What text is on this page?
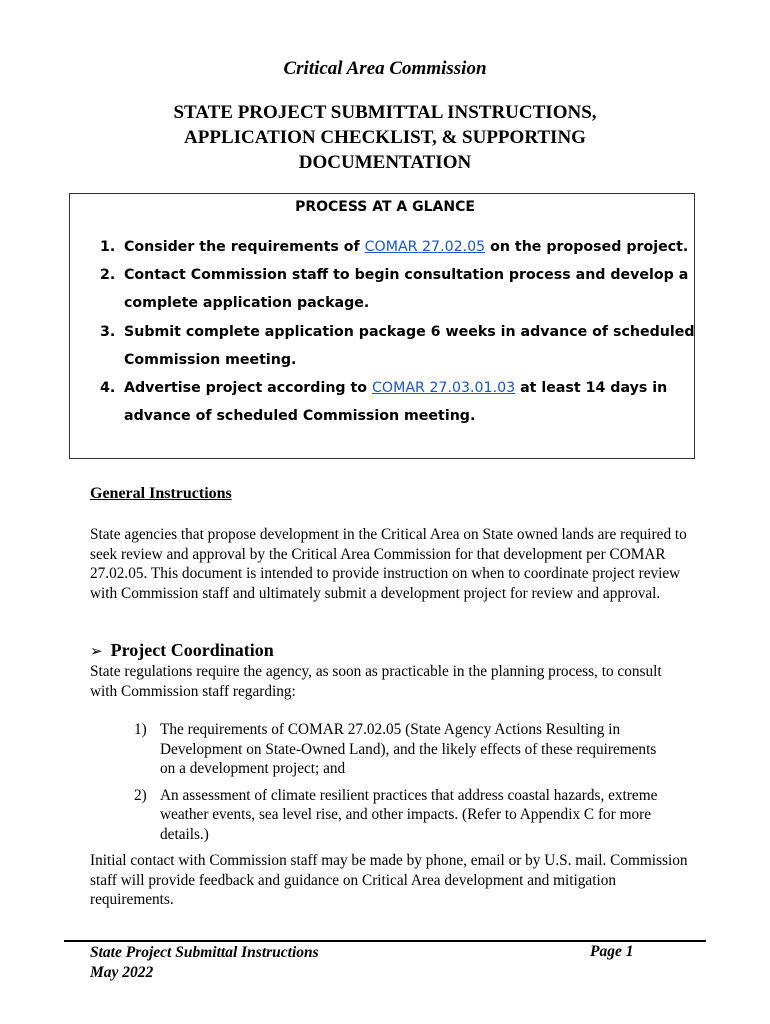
Critical Area Commission
STATE PROJECT SUBMITTAL INSTRUCTIONS,
APPLICATION CHECKLIST, & SUPPORTING
DOCUMENTATION
PROCESS AT A GLANCE
1. Consider the requirements of COMAR 27.02.05 on the proposed project.
2. Contact Commission staff to begin consultation process and develop a complete application package.
3. Submit complete application package 6 weeks in advance of scheduled Commission meeting.
4. Advertise project according to COMAR 27.03.01.03 at least 14 days in advance of scheduled Commission meeting.
General Instructions
State agencies that propose development in the Critical Area on State owned lands are required to seek review and approval by the Critical Area Commission for that development per COMAR 27.02.05. This document is intended to provide instruction on when to coordinate project review with Commission staff and ultimately submit a development project for review and approval.
➢ Project Coordination
State regulations require the agency, as soon as practicable in the planning process, to consult with Commission staff regarding:
1) The requirements of COMAR 27.02.05 (State Agency Actions Resulting in Development on State-Owned Land), and the likely effects of these requirements on a development project; and
2) An assessment of climate resilient practices that address coastal hazards, extreme weather events, sea level rise, and other impacts. (Refer to Appendix C for more details.)
Initial contact with Commission staff may be made by phone, email or by U.S. mail. Commission staff will provide feedback and guidance on Critical Area development and mitigation requirements.
State Project Submittal Instructions
May 2022
Page 1
